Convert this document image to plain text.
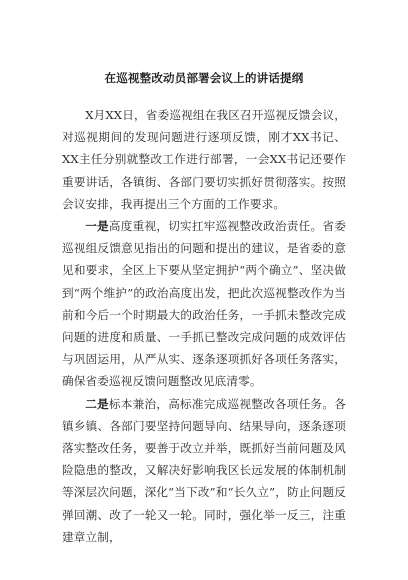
在巡视整改动员部署会议上的讲话提纲

X月XX日，省委巡视组在我区召开巡视反馈会议，对巡视期间的发现问题进行逐项反馈，刚才XX书记、XX主任分别就整改工作进行部署，一会XX书记还要作重要讲话，各镇街、各部门要切实抓好贯彻落实。按照会议安排，我再提出三个方面的工作要求。

一是高度重视，切实扛牢巡视整改政治责任。省委巡视组反馈意见指出的问题和提出的建议，是省委的意见和要求，全区上下要从坚定拥护“两个确立”、坚决做到“两个维护”的政治高度出发，把此次巡视整改作为当前和今后一个时期最大的政治任务，一手抓未整改完成问题的进度和质量、一手抓已整改完成问题的成效评估与巩固运用，从严从实、逐条逐项抓好各项任务落实，确保省委巡视反馈问题整改见底清零。

二是标本兼治，高标准完成巡视整改各项任务。各镇乡镇、各部门要坚持问题导向、结果导向，逐条逐项落实整改任务，要善于改立并举，既抓好当前问题及风险隐患的整改，又解决好影响我区长远发展的体制机制等深层次问题，深化“当下改”和“长久立”，防止问题反弹回潮、改了一轮又一轮。同时，强化举一反三，注重建章立制，
